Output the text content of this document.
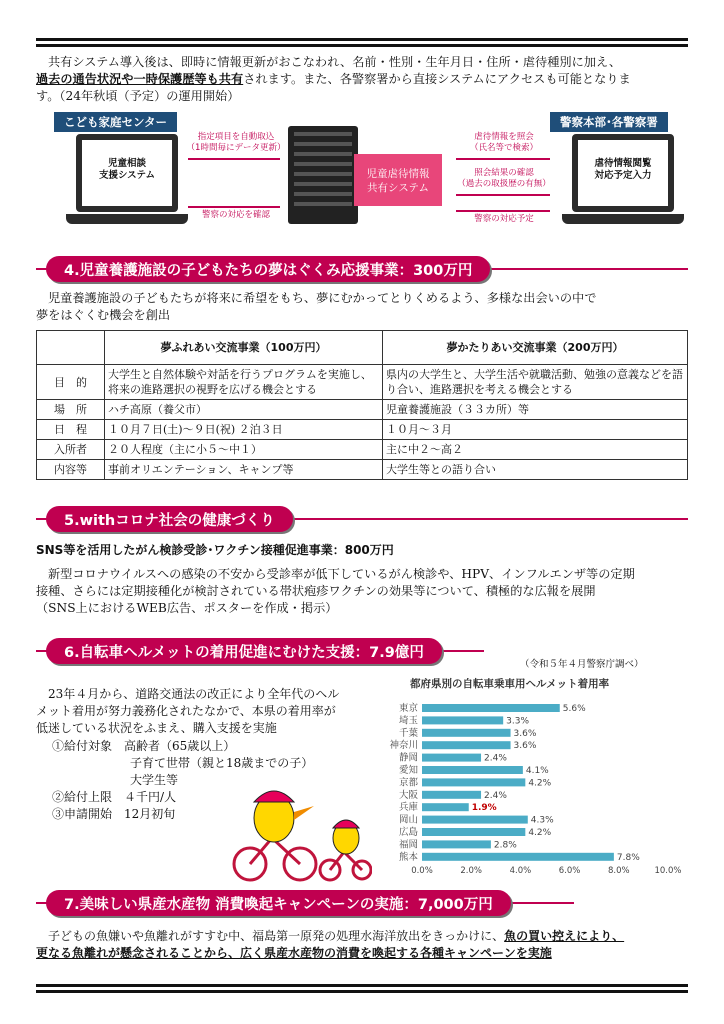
共有システム導入後は、即時に情報更新がおこなわれ、名前・性別・生年月日・住所・虐待種別に加え、
過去の通告状況や一時保護歴等も共有されます。また、各警察署から直接システムにアクセスも可能となりま
す。（24年秋頃（予定）の運用開始）
こども家庭センター	警察本部･各警察署
児童相談
支援システム
虐待情報閲覧
対応予定入力
指定項目を自動取込
（1時間毎にデータ更新）
警察の対応を確認
児童虐待情報
共有システム
虐待情報を照会
（氏名等で検索）
照会結果の確認
（過去の取扱歴の有無）
警察の対応予定
4.児童養護施設の子どもたちの夢はぐくみ応援事業：300万円
児童養護施設の子どもたちが将来に希望をもち、夢にむかってとりくめるよう、多様な出会いの中で
夢をはぐくむ機会を創出
	夢ふれあい交流事業（100万円）	夢かたりあい交流事業（200万円）
目　的	大学生と自然体験や対話を行うプログラムを実施し、将来の進路選択の視野を広げる機会とする	県内の大学生と、大学生活や就職活動、勉強の意義などを語り合い、進路選択を考える機会とする
場　所	ハチ高原（養父市）	児童養護施設（３３カ所）等
日　程	１０月７日(土)～９日(祝) ２泊３日	１０月～３月
入所者	２０人程度（主に小５～中１）	主に中２～高２
内容等	事前オリエンテーション、キャンプ等	大学生等との語り合い
5.withコロナ社会の健康づくり
SNS等を活用したがん検診受診･ワクチン接種促進事業：800万円
新型コロナウイルスへの感染の不安から受診率が低下しているがん検診や、HPV、インフルエンザ等の定期
接種、さらには定期接種化が検討されている帯状疱疹ワクチンの効果等について、積極的な広報を展開
（SNS上におけるWEB広告、ポスターを作成・掲示）
6.自転車ヘルメットの着用促進にむけた支援：7.9億円
（令和５年４月警察庁調べ）
23年４月から、道路交通法の改正により全年代のヘル
メット着用が努力義務化されたなかで、本県の着用率が
低迷している状況をふまえ、購入支援を実施
①給付対象　 高齢者（65歳以上）
子育て世帯（親と18歳までの子）
大学生等
②給付上限　 ４千円/人
③申請開始　 12月初旬
都府県別の自転車乗車用ヘルメット着用率
東京	5.6%
埼玉	3.3%
千葉	3.6%
神奈川	3.6%
静岡	2.4%
愛知	4.1%
京都	4.2%
大阪	2.4%
兵庫	1.9%
岡山	4.3%
広島	4.2%
福岡	2.8%
熊本	7.8%
0.0%	2.0%	4.0%	6.0%	8.0%	10.0%
7.美味しい県産水産物 消費喚起キャンペーンの実施：7,000万円
子どもの魚嫌いや魚離れがすすむ中、福島第一原発の処理水海洋放出をきっかけに、魚の買い控えにより、
更なる魚離れが懸念されることから、広く県産水産物の消費を喚起する各種キャンペーンを実施
